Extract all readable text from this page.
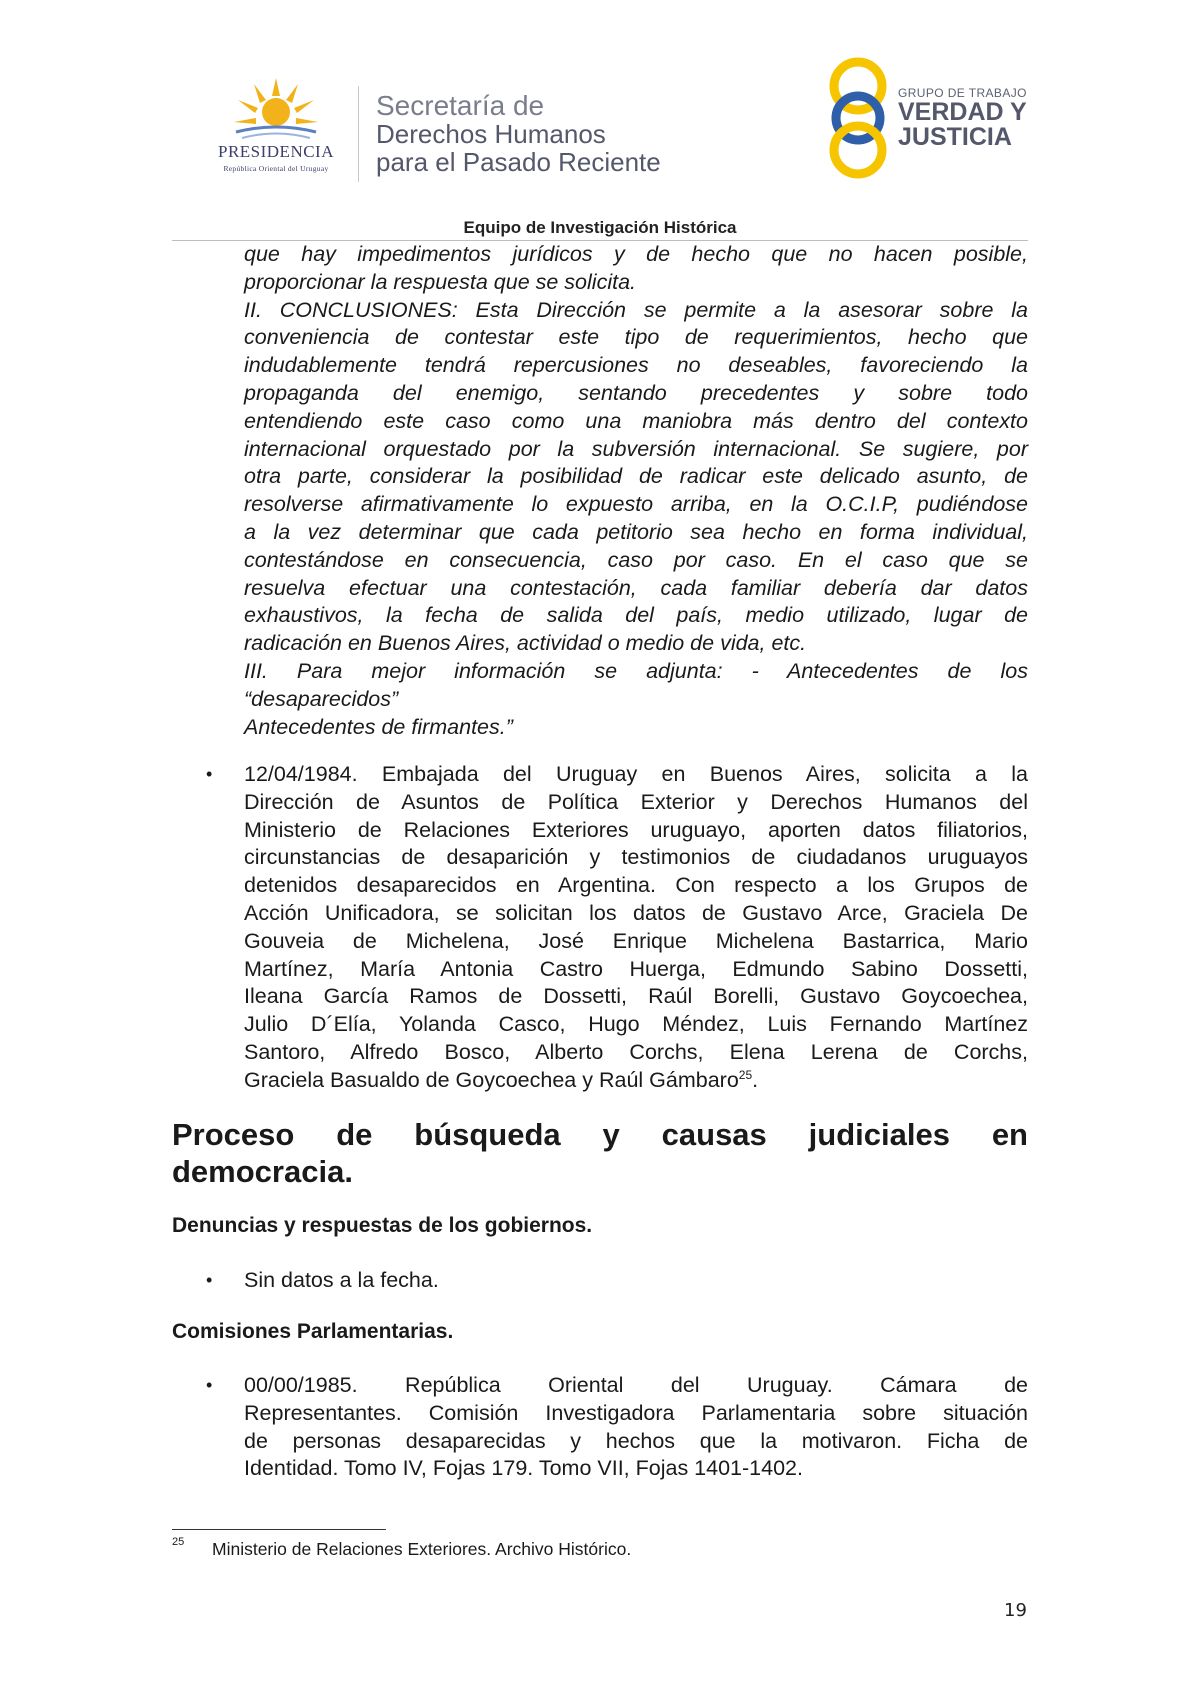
PRESIDENCIA
República Oriental del Uruguay
Secretaría de
Derechos Humanos
para el Pasado Reciente
GRUPO DE TRABAJO
VERDAD Y
JUSTICIA
Equipo de Investigación Histórica
que hay impedimentos jurídicos y de hecho que no hacen posible,
proporcionar la respuesta que se solicita.
II. CONCLUSIONES: Esta Dirección se permite a la asesorar sobre la
conveniencia de contestar este tipo de requerimientos, hecho que
indudablemente tendrá repercusiones no deseables, favoreciendo la
propaganda del enemigo, sentando precedentes y sobre todo
entendiendo este caso como una maniobra más dentro del contexto
internacional orquestado por la subversión internacional. Se sugiere, por
otra parte, considerar la posibilidad de radicar este delicado asunto, de
resolverse afirmativamente lo expuesto arriba, en la O.C.I.P, pudiéndose
a la vez determinar que cada petitorio sea hecho en forma individual,
contestándose en consecuencia, caso por caso. En el caso que se
resuelva efectuar una contestación, cada familiar debería dar datos
exhaustivos, la fecha de salida del país, medio utilizado, lugar de
radicación en Buenos Aires, actividad o medio de vida, etc.
III. Para mejor información se adjunta: - Antecedentes de los
“desaparecidos”
Antecedentes de firmantes.”
• 12/04/1984. Embajada del Uruguay en Buenos Aires, solicita a la
Dirección de Asuntos de Política Exterior y Derechos Humanos del
Ministerio de Relaciones Exteriores uruguayo, aporten datos filiatorios,
circunstancias de desaparición y testimonios de ciudadanos uruguayos
detenidos desaparecidos en Argentina. Con respecto a los Grupos de
Acción Unificadora, se solicitan los datos de Gustavo Arce, Graciela De
Gouveia de Michelena, José Enrique Michelena Bastarrica, Mario
Martínez, María Antonia Castro Huerga, Edmundo Sabino Dossetti,
Ileana García Ramos de Dossetti, Raúl Borelli, Gustavo Goycoechea,
Julio D´Elía, Yolanda Casco, Hugo Méndez, Luis Fernando Martínez
Santoro, Alfredo Bosco, Alberto Corchs, Elena Lerena de Corchs,
Graciela Basualdo de Goycoechea y Raúl Gámbaro$^{25}$.
Proceso de búsqueda y causas judiciales en
democracia.
Denuncias y respuestas de los gobiernos.
• Sin datos a la fecha.
Comisiones Parlamentarias.
• 00/00/1985. República Oriental del Uruguay. Cámara de
Representantes. Comisión Investigadora Parlamentaria sobre situación
de personas desaparecidas y hechos que la motivaron. Ficha de
Identidad. Tomo IV, Fojas 179. Tomo VII, Fojas 1401-1402.
25 Ministerio de Relaciones Exteriores. Archivo Histórico.
19
